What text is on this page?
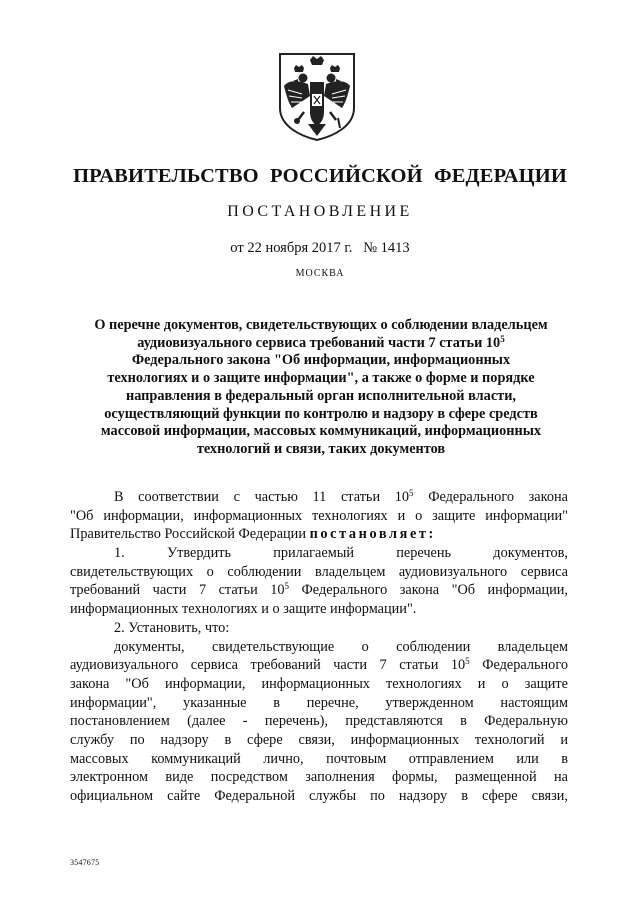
ПРАВИТЕЛЬСТВО РОССИЙСКОЙ ФЕДЕРАЦИИ
ПОСТАНОВЛЕНИЕ
от 22 ноября 2017 г. № 1413
МОСКВА
О перечне документов, свидетельствующих о соблюдении владельцем
аудиовизуального сервиса требований части 7 статьи $10^5$
Федерального закона "Об информации, информационных
технологиях и о защите информации", а также о форме и порядке
направления в федеральный орган исполнительной власти,
осуществляющий функции по контролю и надзору в сфере средств
массовой информации, массовых коммуникаций, информационных
технологий и связи, таких документов
В соответствии с частью 11 статьи $10^5$ Федерального закона
"Об информации, информационных технологиях и о защите информации"
Правительство Российской Федерации постановляет:
1. Утвердить прилагаемый перечень документов,
свидетельствующих о соблюдении владельцем аудиовизуального сервиса
требований части 7 статьи $10^5$ Федерального закона "Об информации,
информационных технологиях и о защите информации".
2. Установить, что:
документы, свидетельствующие о соблюдении владельцем
аудиовизуального сервиса требований части 7 статьи $10^5$ Федерального
закона "Об информации, информационных технологиях и о защите
информации", указанные в перечне, утвержденном настоящим
постановлением (далее - перечень), представляются в Федеральную
службу по надзору в сфере связи, информационных технологий и
массовых коммуникаций лично, почтовым отправлением или в
электронном виде посредством заполнения формы, размещенной на
официальном сайте Федеральной службы по надзору в сфере связи,
3547675
